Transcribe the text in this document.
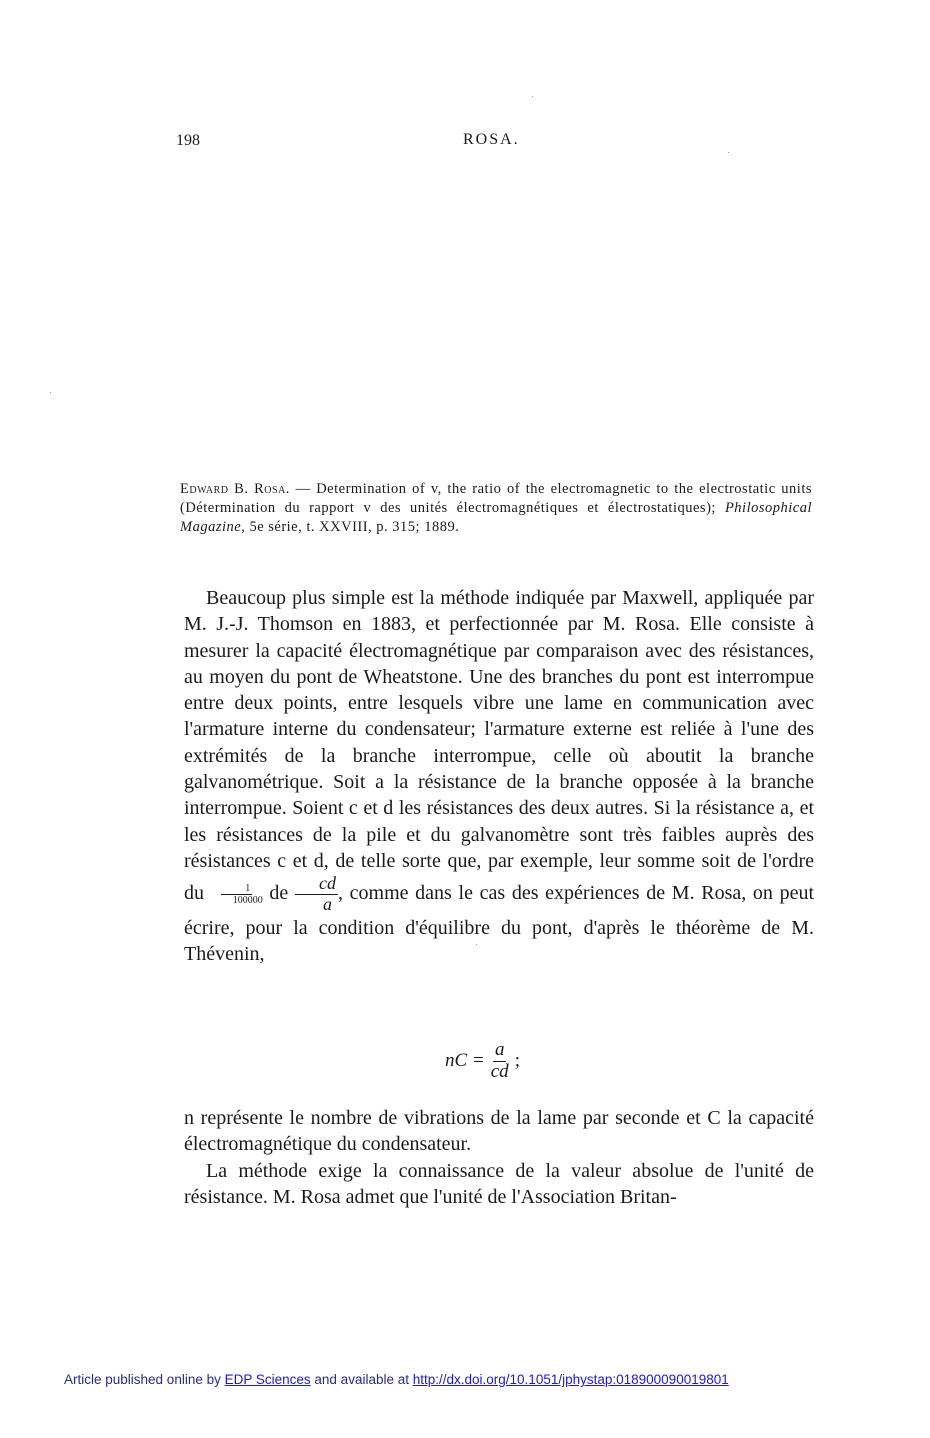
198	ROSA.

Edward B. Rosa. — Determination of v, the ratio of the electromagnetic to the electrostatic units (Détermination du rapport v des unités électromagnétiques et électrostatiques); Philosophical Magazine, 5e série, t. XXVIII, p. 315; 1889.

Beaucoup plus simple est la méthode indiquée par Maxwell, appliquée par M. J.-J. Thomson en 1883, et perfectionnée par M. Rosa. Elle consiste à mesurer la capacité électromagnétique par comparaison avec des résistances, au moyen du pont de Wheatstone. Une des branches du pont est interrompue entre deux points, entre lesquels vibre une lame en communication avec l'armature interne du condensateur; l'armature externe est reliée à l'une des extrémités de la branche interrompue, celle où aboutit la branche galvanométrique. Soit a la résistance de la branche opposée à la branche interrompue. Soient c et d les résistances des deux autres. Si la résistance a, et les résistances de la pile et du galvanomètre sont très faibles auprès des résistances c et d, de telle sorte que, par exemple, leur somme soit de l'ordre du $\frac{1}{100000}$ de $\frac{cd}{a}$ , comme dans le cas des expériences de M. Rosa, on peut écrire, pour la condition d'équilibre du pont, d'après le théorème de M. Thévenin,

nC = $\frac{a}{cd}$ ;

n représente le nombre de vibrations de la lame par seconde et C la capacité électromagnétique du condensateur.

La méthode exige la connaissance de la valeur absolue de l'unité de résistance. M. Rosa admet que l'unité de l'Association Britan-

Article published online by EDP Sciences and available at http://dx.doi.org/10.1051/jphystap:018900090019801
